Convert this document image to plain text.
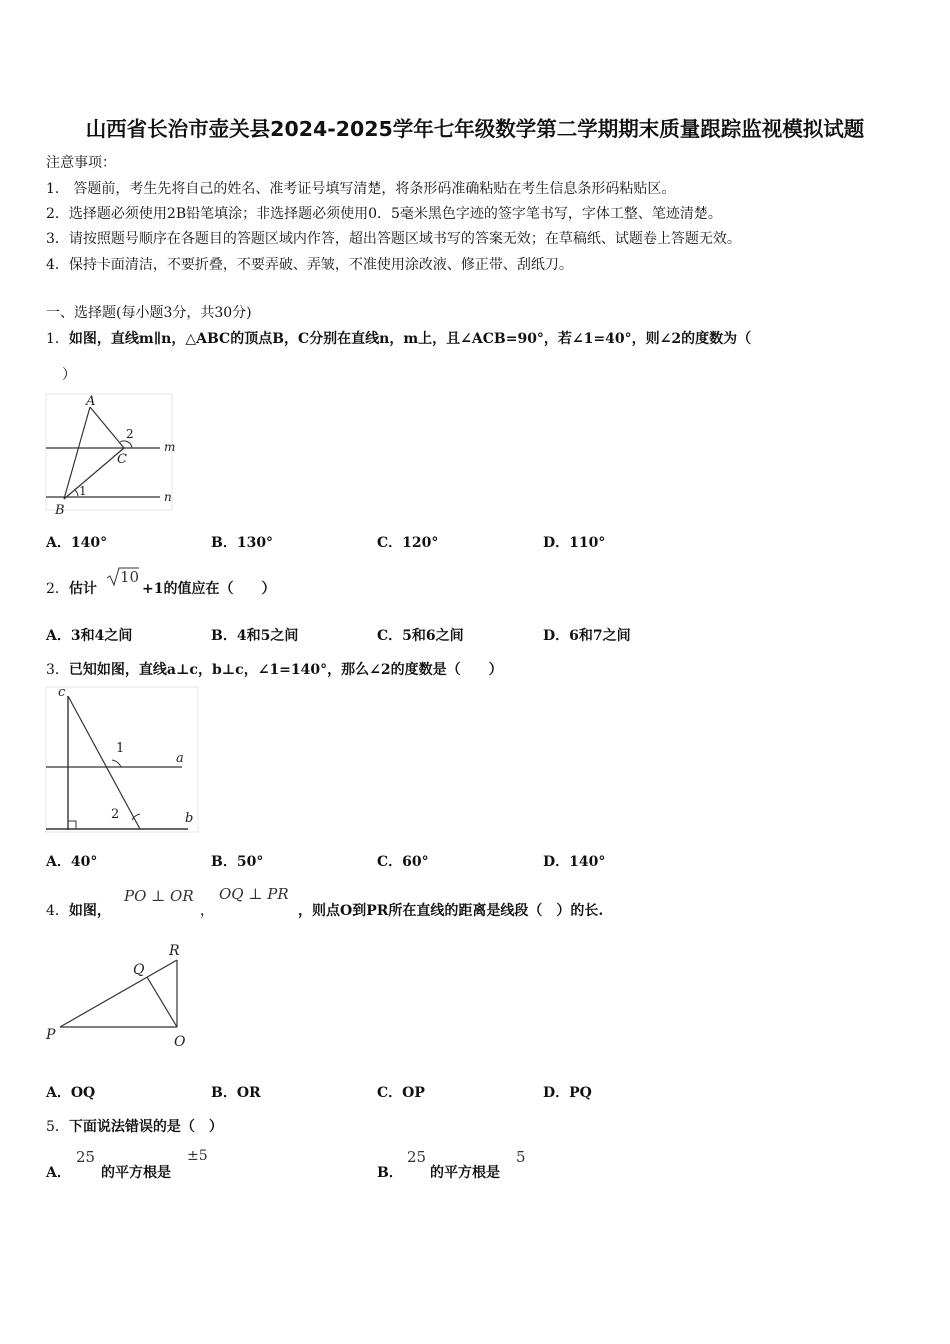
山西省长治市壶关县2024-2025学年七年级数学第二学期期末质量跟踪监视模拟试题
注意事项：
1.　答题前，考生先将自己的姓名、准考证号填写清楚，将条形码准确粘贴在考生信息条形码粘贴区。
2．选择题必须使用2B铅笔填涂；非选择题必须使用0．5毫米黑色字迹的签字笔书写，字体工整、笔迹清楚。
3．请按照题号顺序在各题目的答题区域内作答，超出答题区域书写的答案无效；在草稿纸、试题卷上答题无效。
4．保持卡面清洁，不要折叠，不要弄破、弄皱，不准使用涂改液、修正带、刮纸刀。
一、选择题(每小题3分，共30分)
1．如图，直线m∥n，△ABC的顶点B，C分别在直线n，m上，且∠ACB=90°，若∠1=40°，则∠2的度数为（
）
A
B
C
m
n
2
1
A．140°	B．130°	C．120°	D．110°
2．估计
10
+1的值应在（　　）
A．3和4之间	B．4和5之间	C．5和6之间	D．6和7之间
3．已知如图，直线a⊥c，b⊥c，∠1=140°，那么∠2的度数是（　　）
c
a
b
1
2
A．40°	B．50°	C．60°	D．140°
4．如图，
PO ⊥ OR
，
OQ ⊥ PR
，则点O到PR所在直线的距离是线段（　）的长.
P
Q
R
O
A．OQ	B．OR	C．OP	D．PQ
5．下面说法错误的是（　）
A．
25
的平方根是
±5
B．
25
的平方根是
5
